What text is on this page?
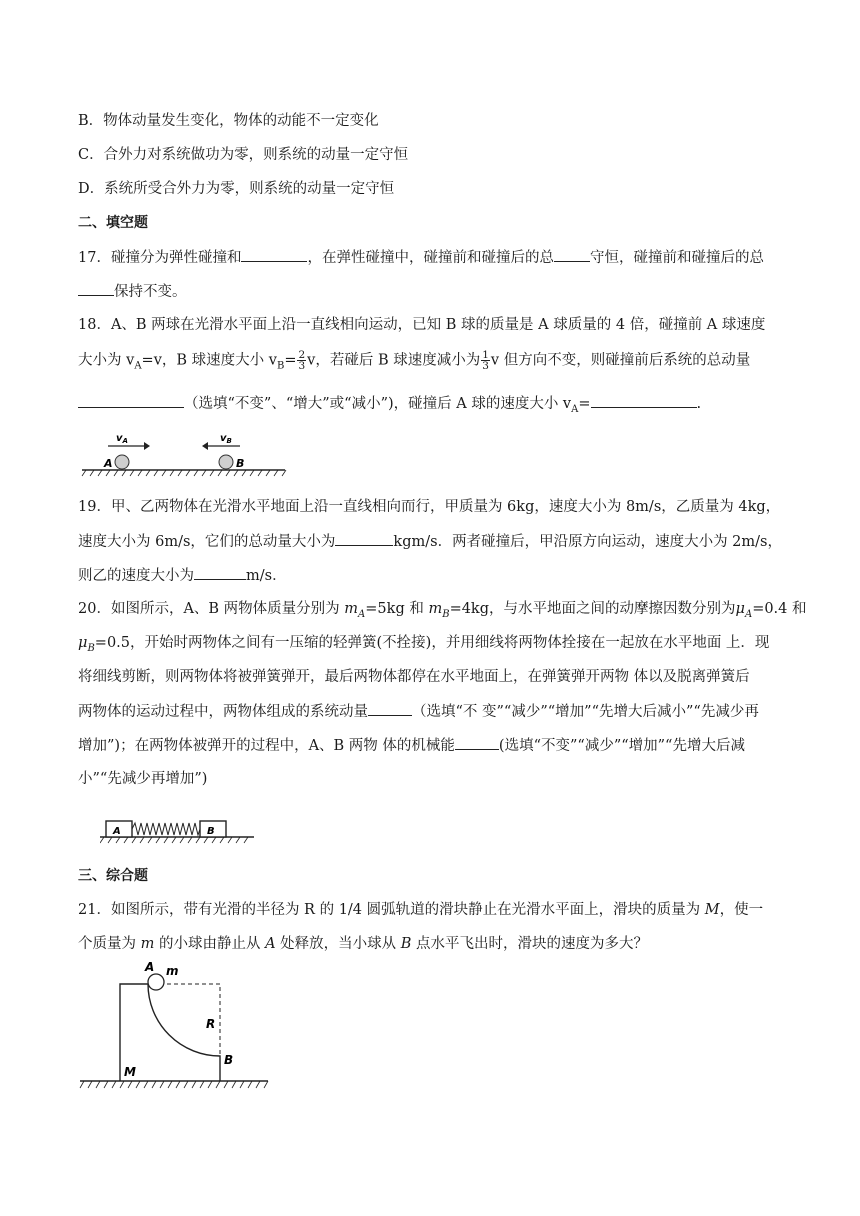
B．物体动量发生变化，物体的动能不一定变化
C．合外力对系统做功为零，则系统的动量一定守恒
D．系统所受合外力为零，则系统的动量一定守恒
二、填空题
17．碰撞分为弹性碰撞和	，在弹性碰撞中，碰撞前和碰撞后的总 守恒，碰撞前和碰撞后的总
保持不变。
18．A、B 两球在光滑水平面上沿一直线相向运动，已知 B 球的质量是 A 球质量的 4 倍，碰撞前 A 球速度
大小为 $v_A=v$，B 球速度大小 $v_B= \frac{2}{3}$ v，若碰后 B 球速度减小为 $\frac{1}{3}$ v 但方向不变，则碰撞前后系统的总动量
（选填“不变”、“增大”或“减小”)，碰撞后 A 球的速度大小 $v_A=$	.
A	B
$v_A$	$v_B$
19．甲、乙两物体在光滑水平地面上沿一直线相向而行，甲质量为 6kg，速度大小为 8m/s，乙质量为 4kg，
速度大小为 6m/s，它们的总动量大小为	kgm/s．两者碰撞后，甲沿原方向运动，速度大小为 2m/s，
则乙的速度大小为	m/s．
20．如图所示，A、B 两物体质量分别为 $m_A=5kg$ 和 $m_B=4kg$，与水平地面之间的动摩擦因数分别为$\mu_A=0.4$ 和
$\mu_B=0.5$，开始时两物体之间有一压缩的轻弹簧(不拴接)，并用细线将两物体拴接在一起放在水平地面 上．现
将细线剪断，则两物体将被弹簧弹开，最后两物体都停在水平地面上，在弹簧弹开两物 体以及脱离弹簧后
两物体的运动过程中，两物体组成的系统动量	（选填“不 变”“减少”“增加”“先增大后减小”“先减少再
增加”)；在两物体被弹开的过程中，A、B 两物 体的机械能	(选填“不变”“减少”“增加”“先增大后减
小”“先减少再增加”)
A	B
三、综合题
21．如图所示，带有光滑的半径为 R 的 1/4 圆弧轨道的滑块静止在光滑水平面上，滑块的质量为 M，使一
个质量为 m 的小球由静止从 A 处释放，当小球从 B 点水平飞出时，滑块的速度为多大？
A m
R
B
M
